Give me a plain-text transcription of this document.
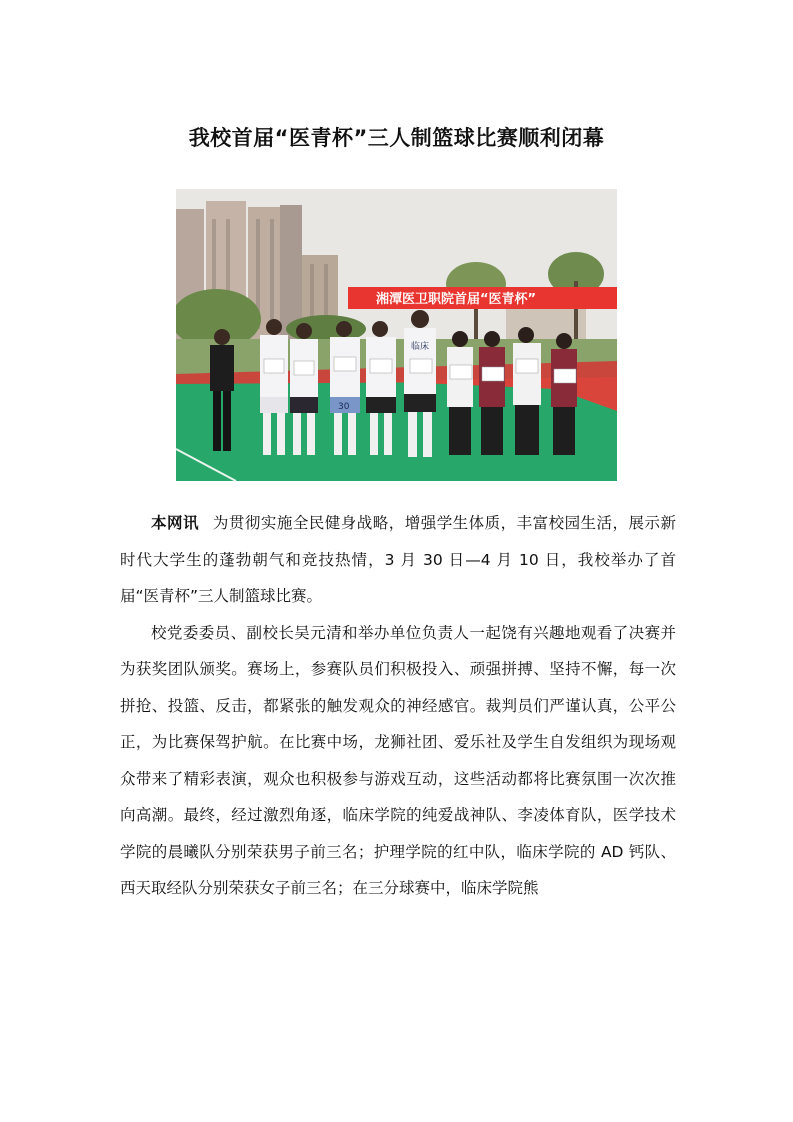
我校首届“医青杯”三人制篮球比赛顺利闭幕
湘潭医卫职院首届“医青杯”
30
临床

本网讯 为贯彻实施全民健身战略，增强学生体质，丰富校园生活，展示新时代大学生的蓬勃朝气和竞技热情，3 月 30 日—4 月 10 日，我校举办了首届“医青杯”三人制篮球比赛。

校党委委员、副校长吴元清和举办单位负责人一起饶有兴趣地观看了决赛并为获奖团队颁奖。赛场上，参赛队员们积极投入、顽强拼搏、坚持不懈，每一次拼抢、投篮、反击，都紧张的触发观众的神经感官。裁判员们严谨认真，公平公正，为比赛保驾护航。在比赛中场，龙狮社团、爱乐社及学生自发组织为现场观众带来了精彩表演，观众也积极参与游戏互动，这些活动都将比赛氛围一次次推向高潮。最终，经过激烈角逐，临床学院的纯爱战神队、李凌体育队，医学技术学院的晨曦队分别荣获男子前三名；护理学院的红中队，临床学院的 AD 钙队、西天取经队分别荣获女子前三名；在三分球赛中，临床学院熊
